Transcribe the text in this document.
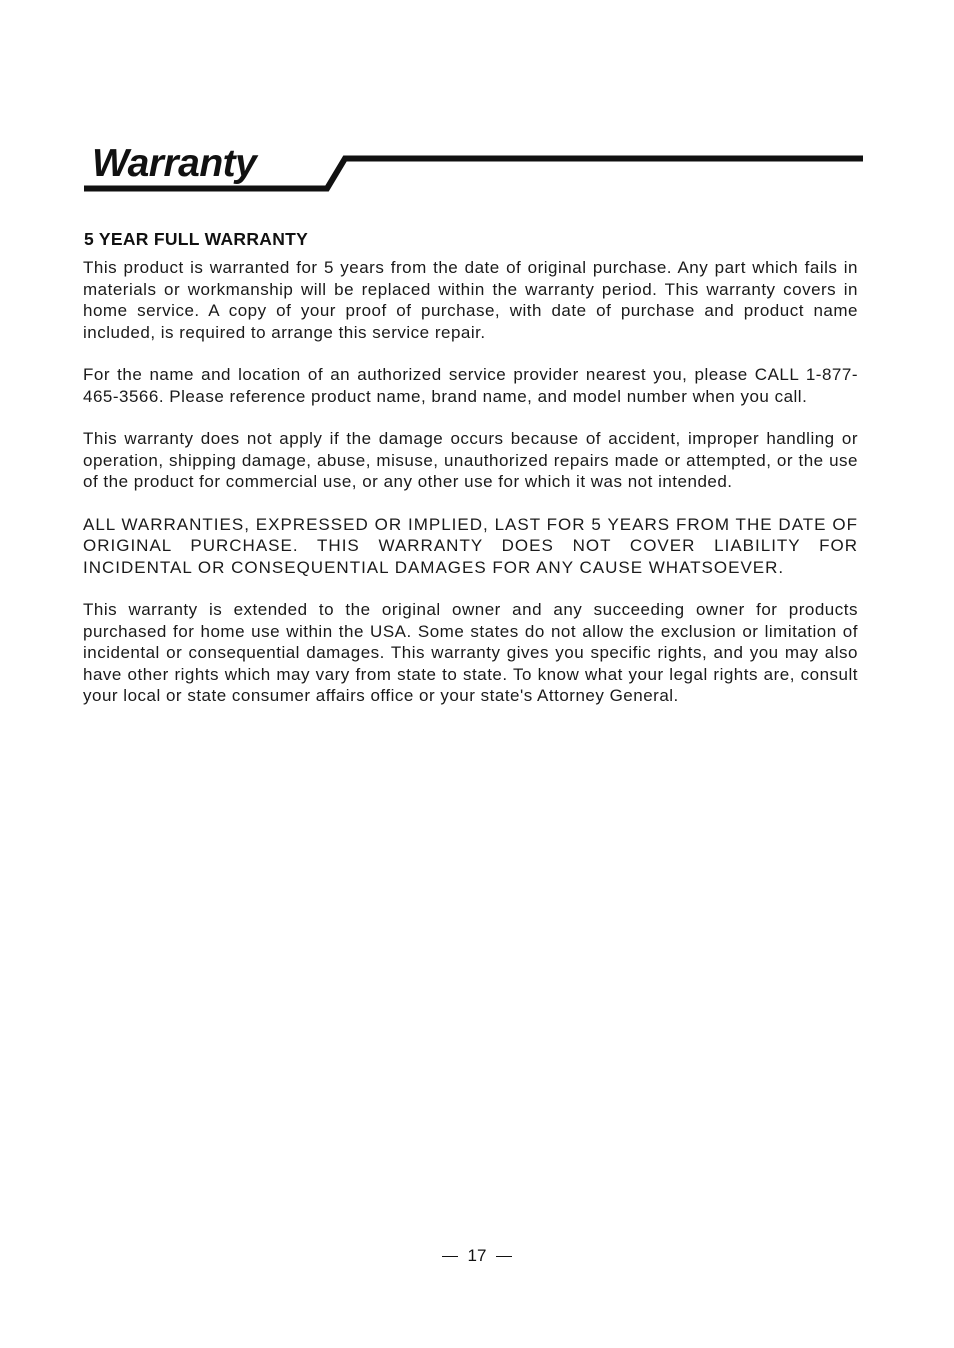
Warranty
5 YEAR FULL WARRANTY

This product is warranted for 5 years from the date of original purchase. Any part which fails in materials or workmanship will be replaced within the warranty period. This warranty covers in home service. A copy of your proof of purchase, with date of purchase and product name included, is required to arrange this service repair.

For the name and location of an authorized service provider nearest you, please CALL 1-877-465-3566. Please reference product name, brand name, and model number when you call.

This warranty does not apply if the damage occurs because of accident, improper handling or operation, shipping damage, abuse, misuse, unauthorized repairs made or attempted, or the use of the product for commercial use, or any other use for which it was not intended.

ALL WARRANTIES, EXPRESSED OR IMPLIED, LAST FOR 5 YEARS FROM THE DATE OF ORIGINAL PURCHASE. THIS WARRANTY DOES NOT COVER LIABILITY FOR INCIDENTAL OR CONSEQUENTIAL DAMAGES FOR ANY CAUSE WHATSOEVER.

This warranty is extended to the original owner and any succeeding owner for products purchased for home use within the USA. Some states do not allow the exclusion or limitation of incidental or consequential damages. This warranty gives you specific rights, and you may also have other rights which may vary from state to state. To know what your legal rights are, consult your local or state consumer affairs office or your state's Attorney General.

17
